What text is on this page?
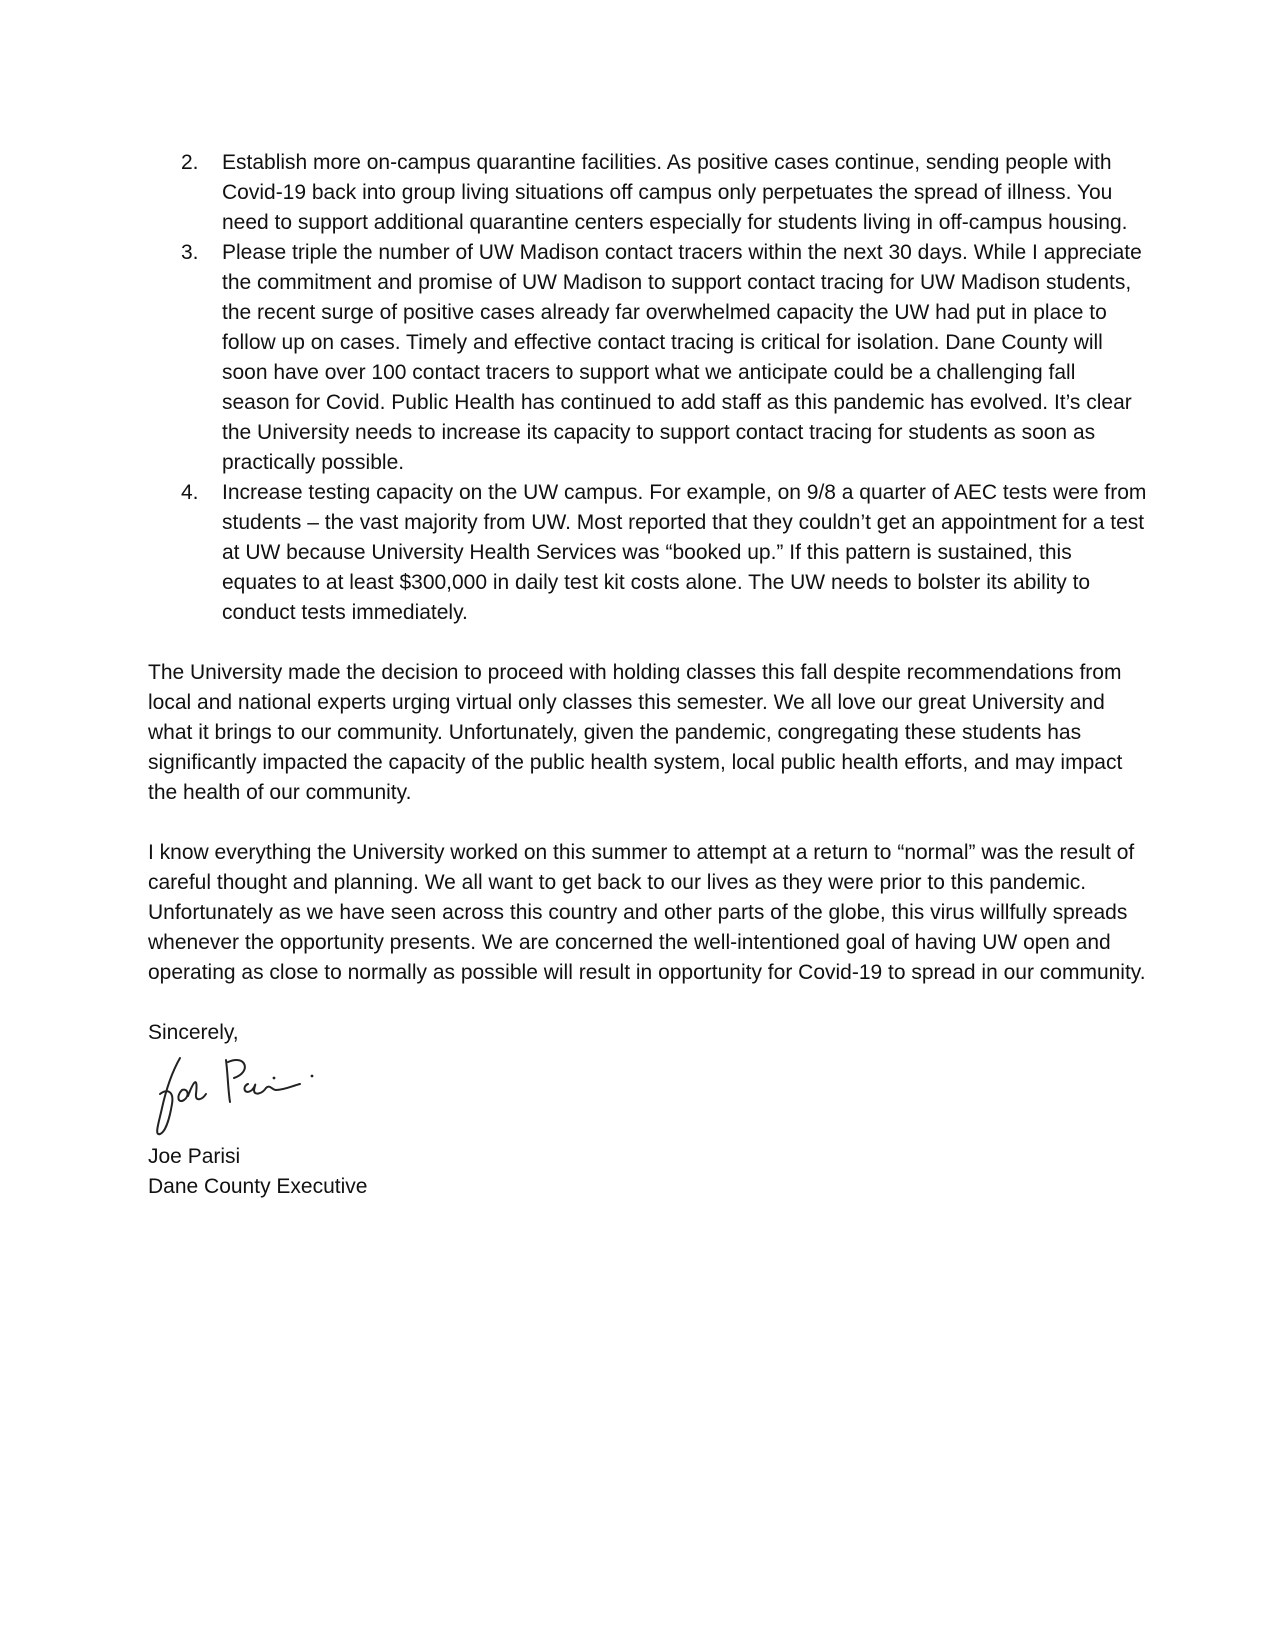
2. Establish more on-campus quarantine facilities. As positive cases continue, sending people with Covid-19 back into group living situations off campus only perpetuates the spread of illness. You need to support additional quarantine centers especially for students living in off-campus housing.
3. Please triple the number of UW Madison contact tracers within the next 30 days. While I appreciate the commitment and promise of UW Madison to support contact tracing for UW Madison students, the recent surge of positive cases already far overwhelmed capacity the UW had put in place to follow up on cases. Timely and effective contact tracing is critical for isolation. Dane County will soon have over 100 contact tracers to support what we anticipate could be a challenging fall season for Covid. Public Health has continued to add staff as this pandemic has evolved. It’s clear the University needs to increase its capacity to support contact tracing for students as soon as practically possible.
4. Increase testing capacity on the UW campus. For example, on 9/8 a quarter of AEC tests were from students – the vast majority from UW. Most reported that they couldn’t get an appointment for a test at UW because University Health Services was “booked up.” If this pattern is sustained, this equates to at least $300,000 in daily test kit costs alone. The UW needs to bolster its ability to conduct tests immediately.

The University made the decision to proceed with holding classes this fall despite recommendations from local and national experts urging virtual only classes this semester. We all love our great University and what it brings to our community. Unfortunately, given the pandemic, congregating these students has significantly impacted the capacity of the public health system, local public health efforts, and may impact the health of our community.

I know everything the University worked on this summer to attempt at a return to “normal” was the result of careful thought and planning. We all want to get back to our lives as they were prior to this pandemic. Unfortunately as we have seen across this country and other parts of the globe, this virus willfully spreads whenever the opportunity presents. We are concerned the well-intentioned goal of having UW open and operating as close to normally as possible will result in opportunity for Covid-19 to spread in our community.

Sincerely,
Joe Parisi
Dane County Executive
